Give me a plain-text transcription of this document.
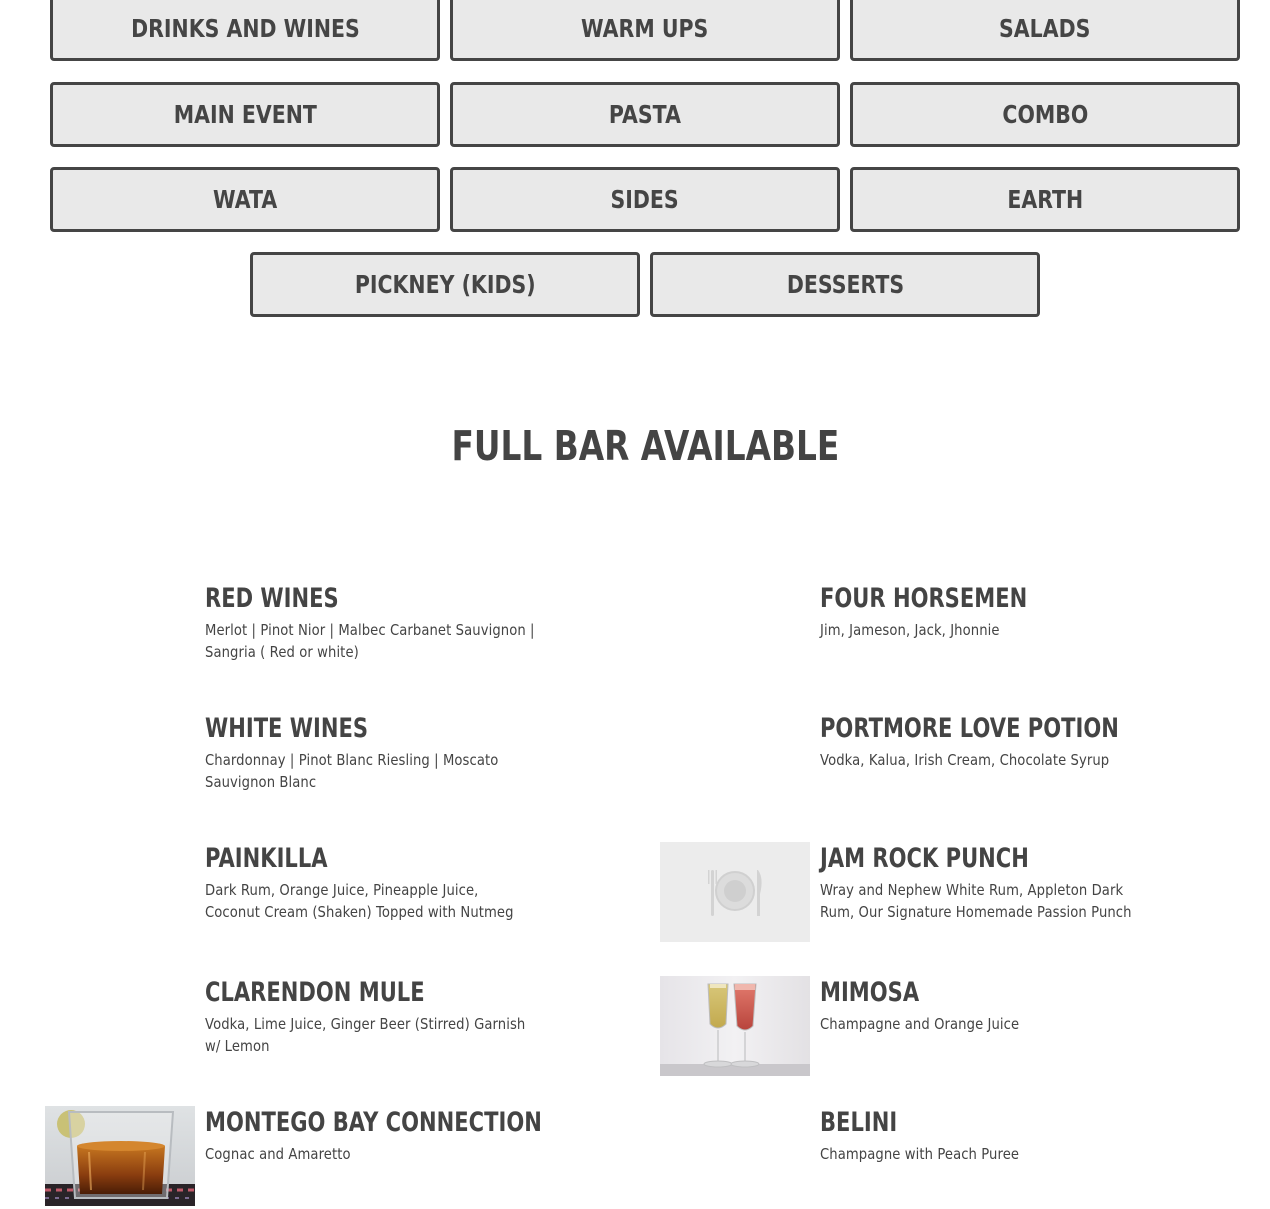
DRINKS AND WINES	WARM UPS	SALADS
MAIN EVENT	PASTA	COMBO
WATA	SIDES	EARTH
PICKNEY (KIDS)	DESSERTS
FULL BAR AVAILABLE
RED WINES
Merlot | Pinot Nior | Malbec Carbanet Sauvignon | Sangria ( Red or white)
WHITE WINES
Chardonnay | Pinot Blanc Riesling | Moscato Sauvignon Blanc
PAINKILLA
Dark Rum, Orange Juice, Pineapple Juice, Coconut Cream (Shaken) Topped with Nutmeg
CLARENDON MULE
Vodka, Lime Juice, Ginger Beer (Stirred) Garnish w/ Lemon
MONTEGO BAY CONNECTION
Cognac and Amaretto
FOUR HORSEMEN
Jim, Jameson, Jack, Jhonnie
PORTMORE LOVE POTION
Vodka, Kalua, Irish Cream, Chocolate Syrup
JAM ROCK PUNCH
Wray and Nephew White Rum, Appleton Dark Rum, Our Signature Homemade Passion Punch
MIMOSA
Champagne and Orange Juice
BELINI
Champagne with Peach Puree
